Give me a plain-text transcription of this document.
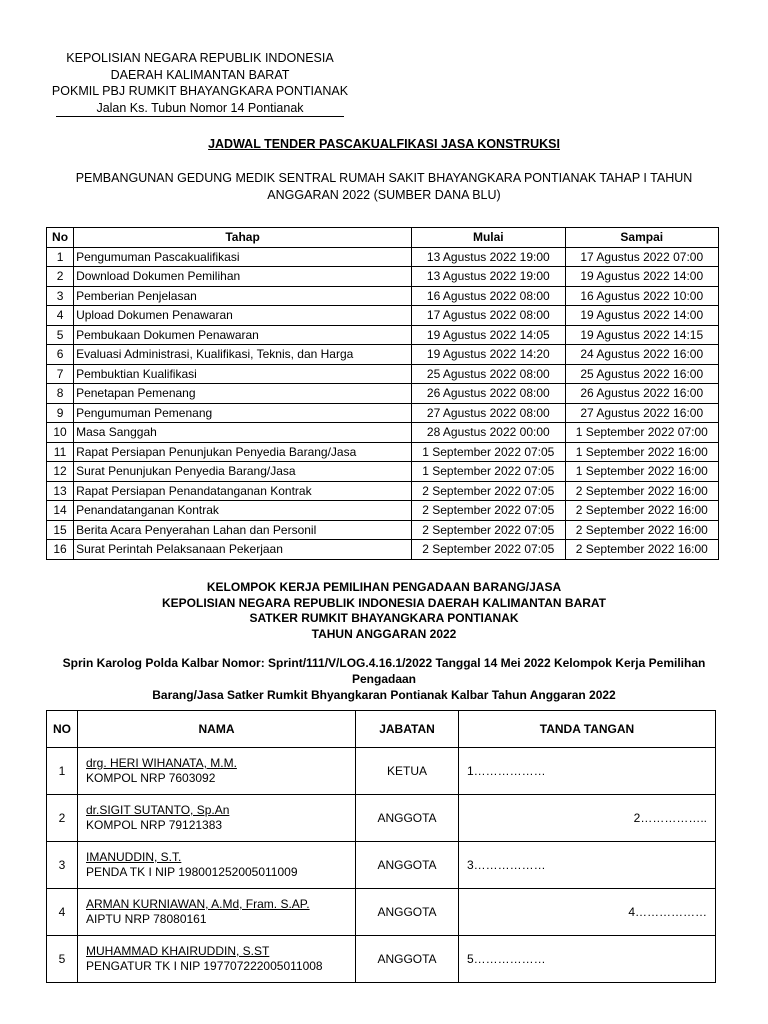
KEPOLISIAN NEGARA REPUBLIK INDONESIA
DAERAH KALIMANTAN BARAT
POKMIL PBJ RUMKIT BHAYANGKARA PONTIANAK
Jalan Ks. Tubun Nomor 14 Pontianak
JADWAL TENDER PASCAKUALFIKASI JASA KONSTRUKSI
PEMBANGUNAN GEDUNG MEDIK SENTRAL RUMAH SAKIT BHAYANGKARA PONTIANAK TAHAP I TAHUN
ANGGARAN 2022 (SUMBER DANA BLU)
No	Tahap	Mulai	Sampai
1	Pengumuman Pascakualifikasi	13 Agustus 2022 19:00	17 Agustus 2022 07:00
2	Download Dokumen Pemilihan	13 Agustus 2022 19:00	19 Agustus 2022 14:00
3	Pemberian Penjelasan	16 Agustus 2022 08:00	16 Agustus 2022 10:00
4	Upload Dokumen Penawaran	17 Agustus 2022 08:00	19 Agustus 2022 14:00
5	Pembukaan Dokumen Penawaran	19 Agustus 2022 14:05	19 Agustus 2022 14:15
6	Evaluasi Administrasi, Kualifikasi, Teknis, dan Harga	19 Agustus 2022 14:20	24 Agustus 2022 16:00
7	Pembuktian Kualifikasi	25 Agustus 2022 08:00	25 Agustus 2022 16:00
8	Penetapan Pemenang	26 Agustus 2022 08:00	26 Agustus 2022 16:00
9	Pengumuman Pemenang	27 Agustus 2022 08:00	27 Agustus 2022 16:00
10	Masa Sanggah	28 Agustus 2022 00:00	1 September 2022 07:00
11	Rapat Persiapan Penunjukan Penyedia Barang/Jasa	1 September 2022 07:05	1 September 2022 16:00
12	Surat Penunjukan Penyedia Barang/Jasa	1 September 2022 07:05	1 September 2022 16:00
13	Rapat Persiapan Penandatanganan Kontrak	2 September 2022 07:05	2 September 2022 16:00
14	Penandatanganan Kontrak	2 September 2022 07:05	2 September 2022 16:00
15	Berita Acara Penyerahan Lahan dan Personil	2 September 2022 07:05	2 September 2022 16:00
16	Surat Perintah Pelaksanaan Pekerjaan	2 September 2022 07:05	2 September 2022 16:00
KELOMPOK KERJA PEMILIHAN PENGADAAN BARANG/JASA
KEPOLISIAN NEGARA REPUBLIK INDONESIA DAERAH KALIMANTAN BARAT
SATKER RUMKIT BHAYANGKARA PONTIANAK
TAHUN ANGGARAN 2022
Sprin Karolog Polda Kalbar Nomor: Sprint/111/V/LOG.4.16.1/2022 Tanggal 14 Mei 2022 Kelompok Kerja Pemilihan Pengadaan
Barang/Jasa Satker Rumkit Bhyangkaran Pontianak Kalbar Tahun Anggaran 2022
NO	NAMA	JABATAN	TANDA TANGAN
1	drg. HERI WIHANATA, M.M.
KOMPOL NRP 7603092	KETUA	1………………
2	dr.SIGIT SUTANTO, Sp.An
KOMPOL NRP 79121383	ANGGOTA	2……………..

3	IMANUDDIN, S.T.
PENDA TK I NIP 198001252005011009	ANGGOTA	3………………
4	ARMAN KURNIAWAN, A.Md, Fram. S.AP.
AIPTU NRP 78080161	ANGGOTA	4………………

5	MUHAMMAD KHAIRUDDIN, S.ST
PENGATUR TK I NIP 197707222005011008	ANGGOTA	5………………
